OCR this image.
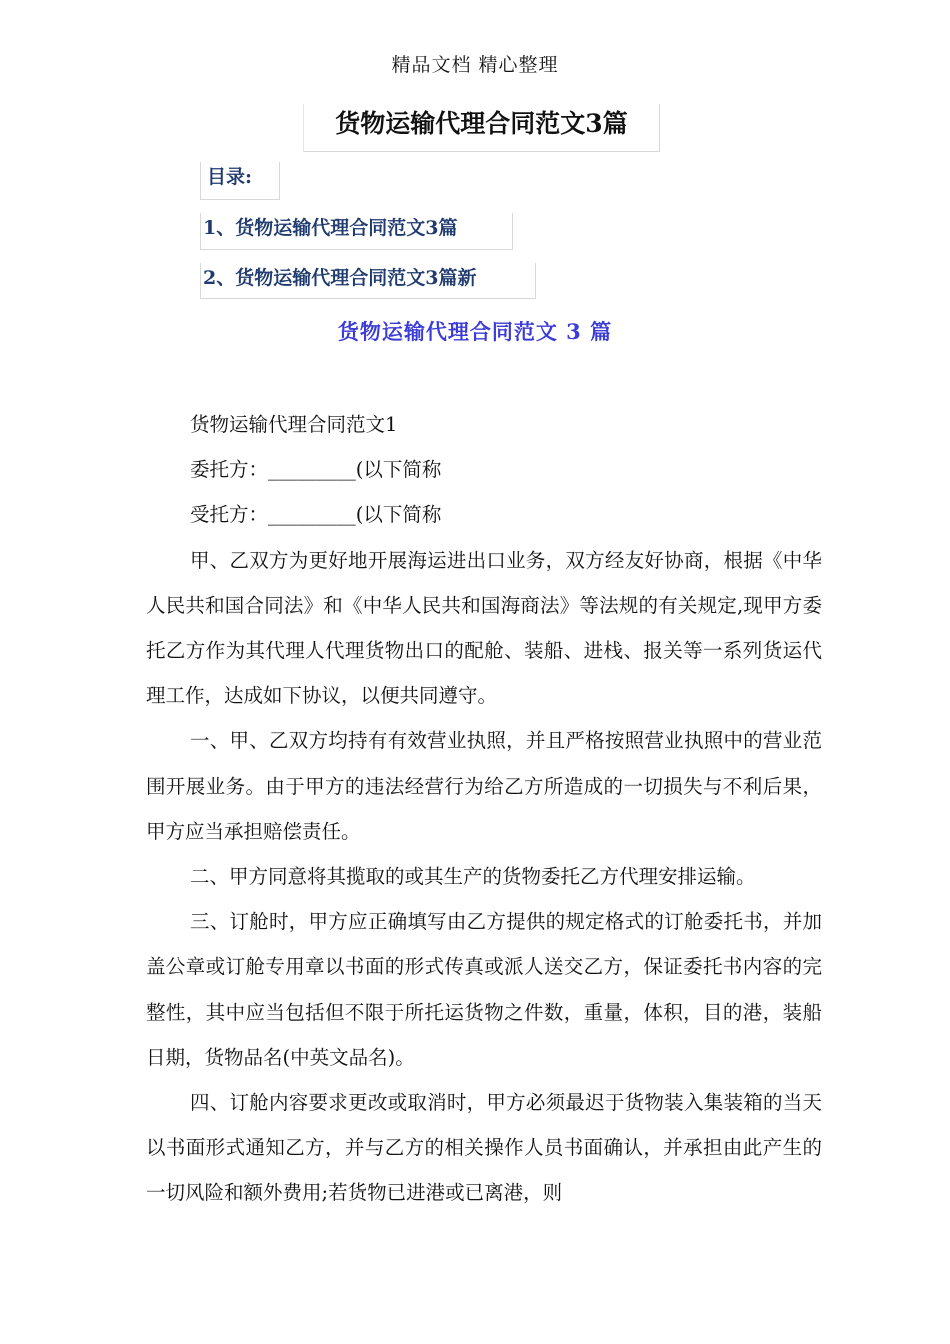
精品文档 精心整理
货物运输代理合同范文3篇
目录:
1、货物运输代理合同范文3篇
2、货物运输代理合同范文3篇新
货物运输代理合同范文 3 篇

货物运输代理合同范文1

委托方：_________(以下简称

受托方：_________(以下简称

甲、乙双方为更好地开展海运进出口业务，双方经友好协商，根据《中华人民共和国合同法》和《中华人民共和国海商法》等法规的有关规定,现甲方委托乙方作为其代理人代理货物出口的配舱、装船、进栈、报关等一系列货运代理工作，达成如下协议，以便共同遵守。

一、甲、乙双方均持有有效营业执照，并且严格按照营业执照中的营业范围开展业务。由于甲方的违法经营行为给乙方所造成的一切损失与不利后果，甲方应当承担赔偿责任。

二、甲方同意将其揽取的或其生产的货物委托乙方代理安排运输。

三、订舱时，甲方应正确填写由乙方提供的规定格式的订舱委托书，并加盖公章或订舱专用章以书面的形式传真或派人送交乙方，保证委托书内容的完整性，其中应当包括但不限于所托运货物之件数，重量，体积，目的港，装船日期，货物品名(中英文品名)。

四、订舱内容要求更改或取消时，甲方必须最迟于货物装入集装箱的当天以书面形式通知乙方，并与乙方的相关操作人员书面确认，并承担由此产生的一切风险和额外费用;若货物已进港或已离港，则
